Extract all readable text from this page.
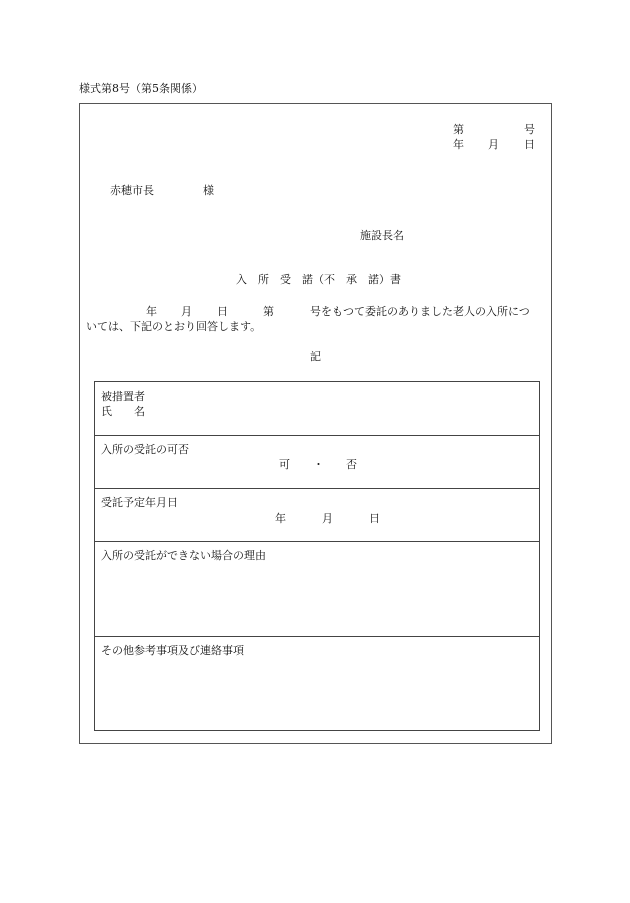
様式第8号（第5条関係）
第	号
年 月 日
赤穂市長	様
施設長名
入　所　受　諾（不　承　諾）書
年 月 日	第	号をもつて委託のありました老人の入所につ
いては、下記のとおり回答します。
記
被措置者
氏　　名
入所の受託の可否
可 ・ 否
受託予定年月日
年	月	日
入所の受託ができない場合の理由
その他参考事項及び連絡事項
